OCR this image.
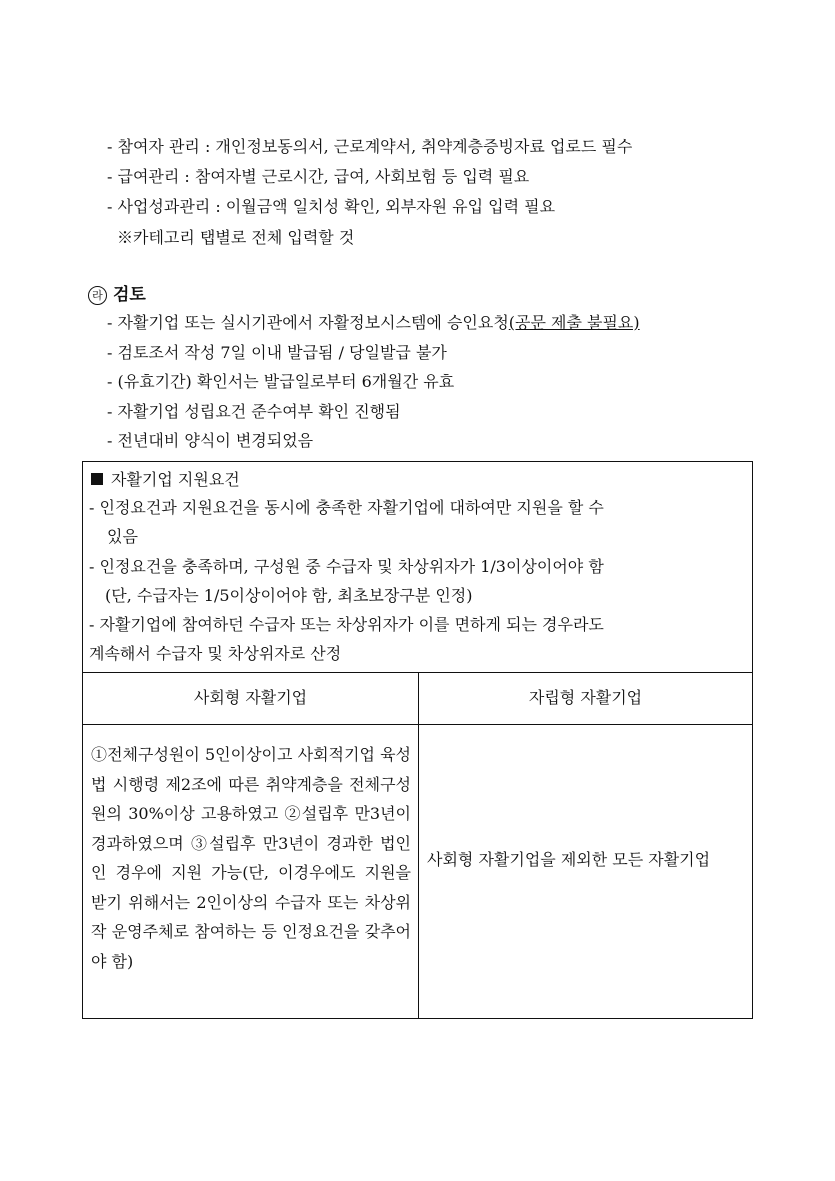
- 참여자 관리 : 개인정보동의서, 근로계약서, 취약계층증빙자료 업로드 필수
- 급여관리 : 참여자별 근로시간, 급여, 사회보험 등 입력 필요
- 사업성과관리 : 이월금액 일치성 확인, 외부자원 유입 입력 필요
※카테고리 탭별로 전체 입력할 것
라 검토
- 자활기업 또는 실시기관에서 자활정보시스템에 승인요청(공문 제출 불필요)
- 검토조서 작성 7일 이내 발급됨 / 당일발급 불가
- (유효기간) 확인서는 발급일로부터 6개월간 유효
- 자활기업 성립요건 준수여부 확인 진행됨
- 전년대비 양식이 변경되었음
자활기업 지원요건
- 인정요건과 지원요건을 동시에 충족한 자활기업에 대하여만 지원을 할 수
있음
- 인정요건을 충족하며, 구성원 중 수급자 및 차상위자가 1/3이상이어야 함
(단, 수급자는 1/5이상이어야 함, 최초보장구분 인정)
- 자활기업에 참여하던 수급자 또는 차상위자가 이를 면하게 되는 경우라도
계속해서 수급자 및 차상위자로 산정
사회형 자활기업	자립형 자활기업
①전체구성원이 5인이상이고 사회적기업 육성법 시행령 제2조에 따른 취약계층을 전체구성원의 30%이상 고용하였고 ②설립후 만3년이 경과하였으며 ③설립후 만3년이 경과한 법인인 경우에 지원 가능(단, 이경우에도 지원을 받기 위해서는 2인이상의 수급자 또는 차상위작 운영주체로 참여하는 등 인정요건을 갖추어야 함)
사회형 자활기업을 제외한 모든 자활기업
